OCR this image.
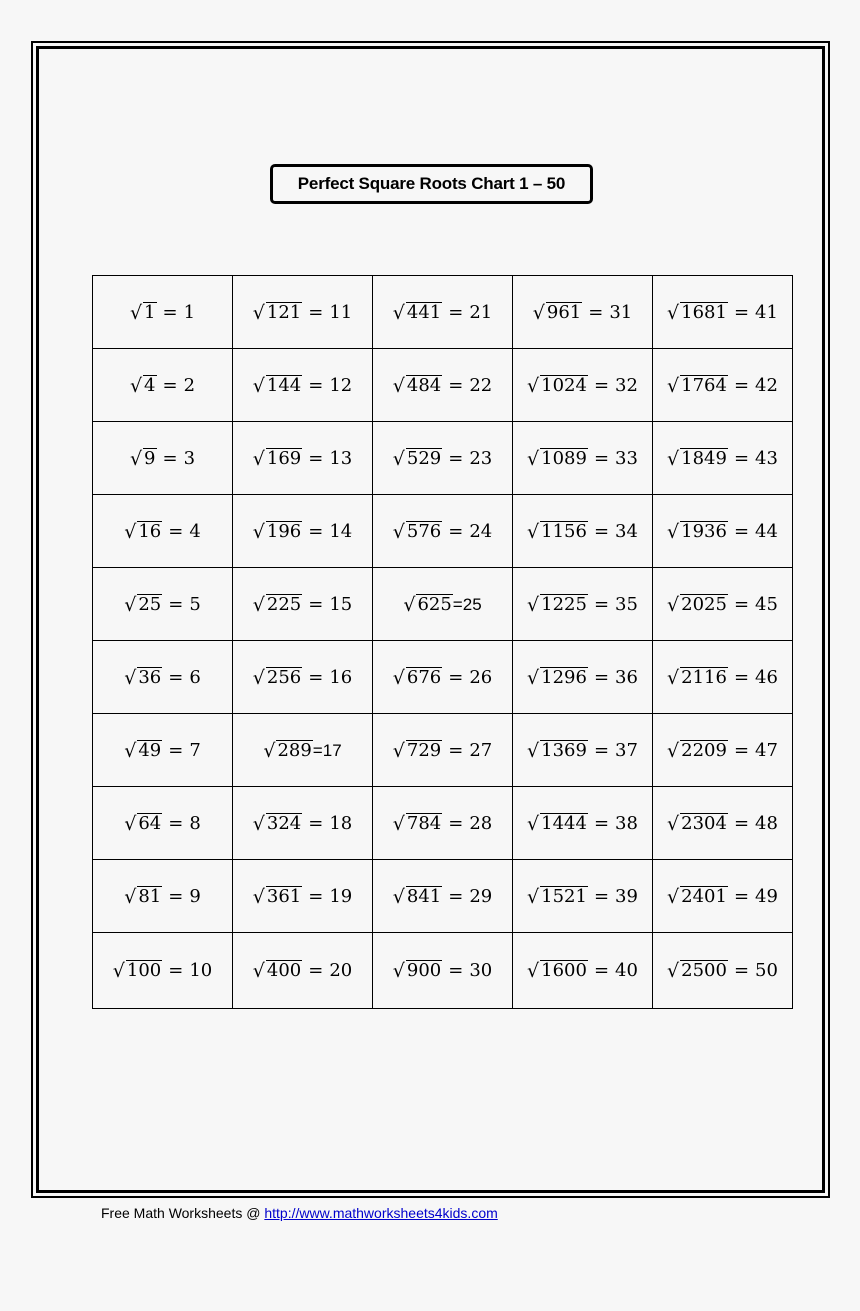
Perfect Square Roots Chart 1 – 50
√ 1 = 1	√ 121 = 11	√ 441 = 21	√ 961 = 31	√ 1681 = 41

√ 4 = 2	√ 144 = 12	√ 484 = 22	√ 1024 = 32	√ 1764 = 42

√ 9 = 3	√ 169 = 13	√ 529 = 23	√ 1089 = 33	√ 1849 = 43

√ 16 = 4	√ 196 = 14	√ 576 = 24	√ 1156 = 34	√ 1936 = 44

√ 25 = 5	√ 225 = 15	√ 625 = 25	√ 1225 = 35	√ 2025 = 45

√ 36 = 6	√ 256 = 16	√ 676 = 26	√ 1296 = 36	√ 2116 = 46

√ 49 = 7	√ 289 = 17	√ 729 = 27	√ 1369 = 37	√ 2209 = 47

√ 64 = 8	√ 324 = 18	√ 784 = 28	√ 1444 = 38	√ 2304 = 48

√ 81 = 9	√ 361 = 19	√ 841 = 29	√ 1521 = 39	√ 2401 = 49

√ 100 = 10	√ 400 = 20	√ 900 = 30	√ 1600 = 40	√ 2500 = 50
Free Math Worksheets @ http://www.mathworksheets4kids.com
